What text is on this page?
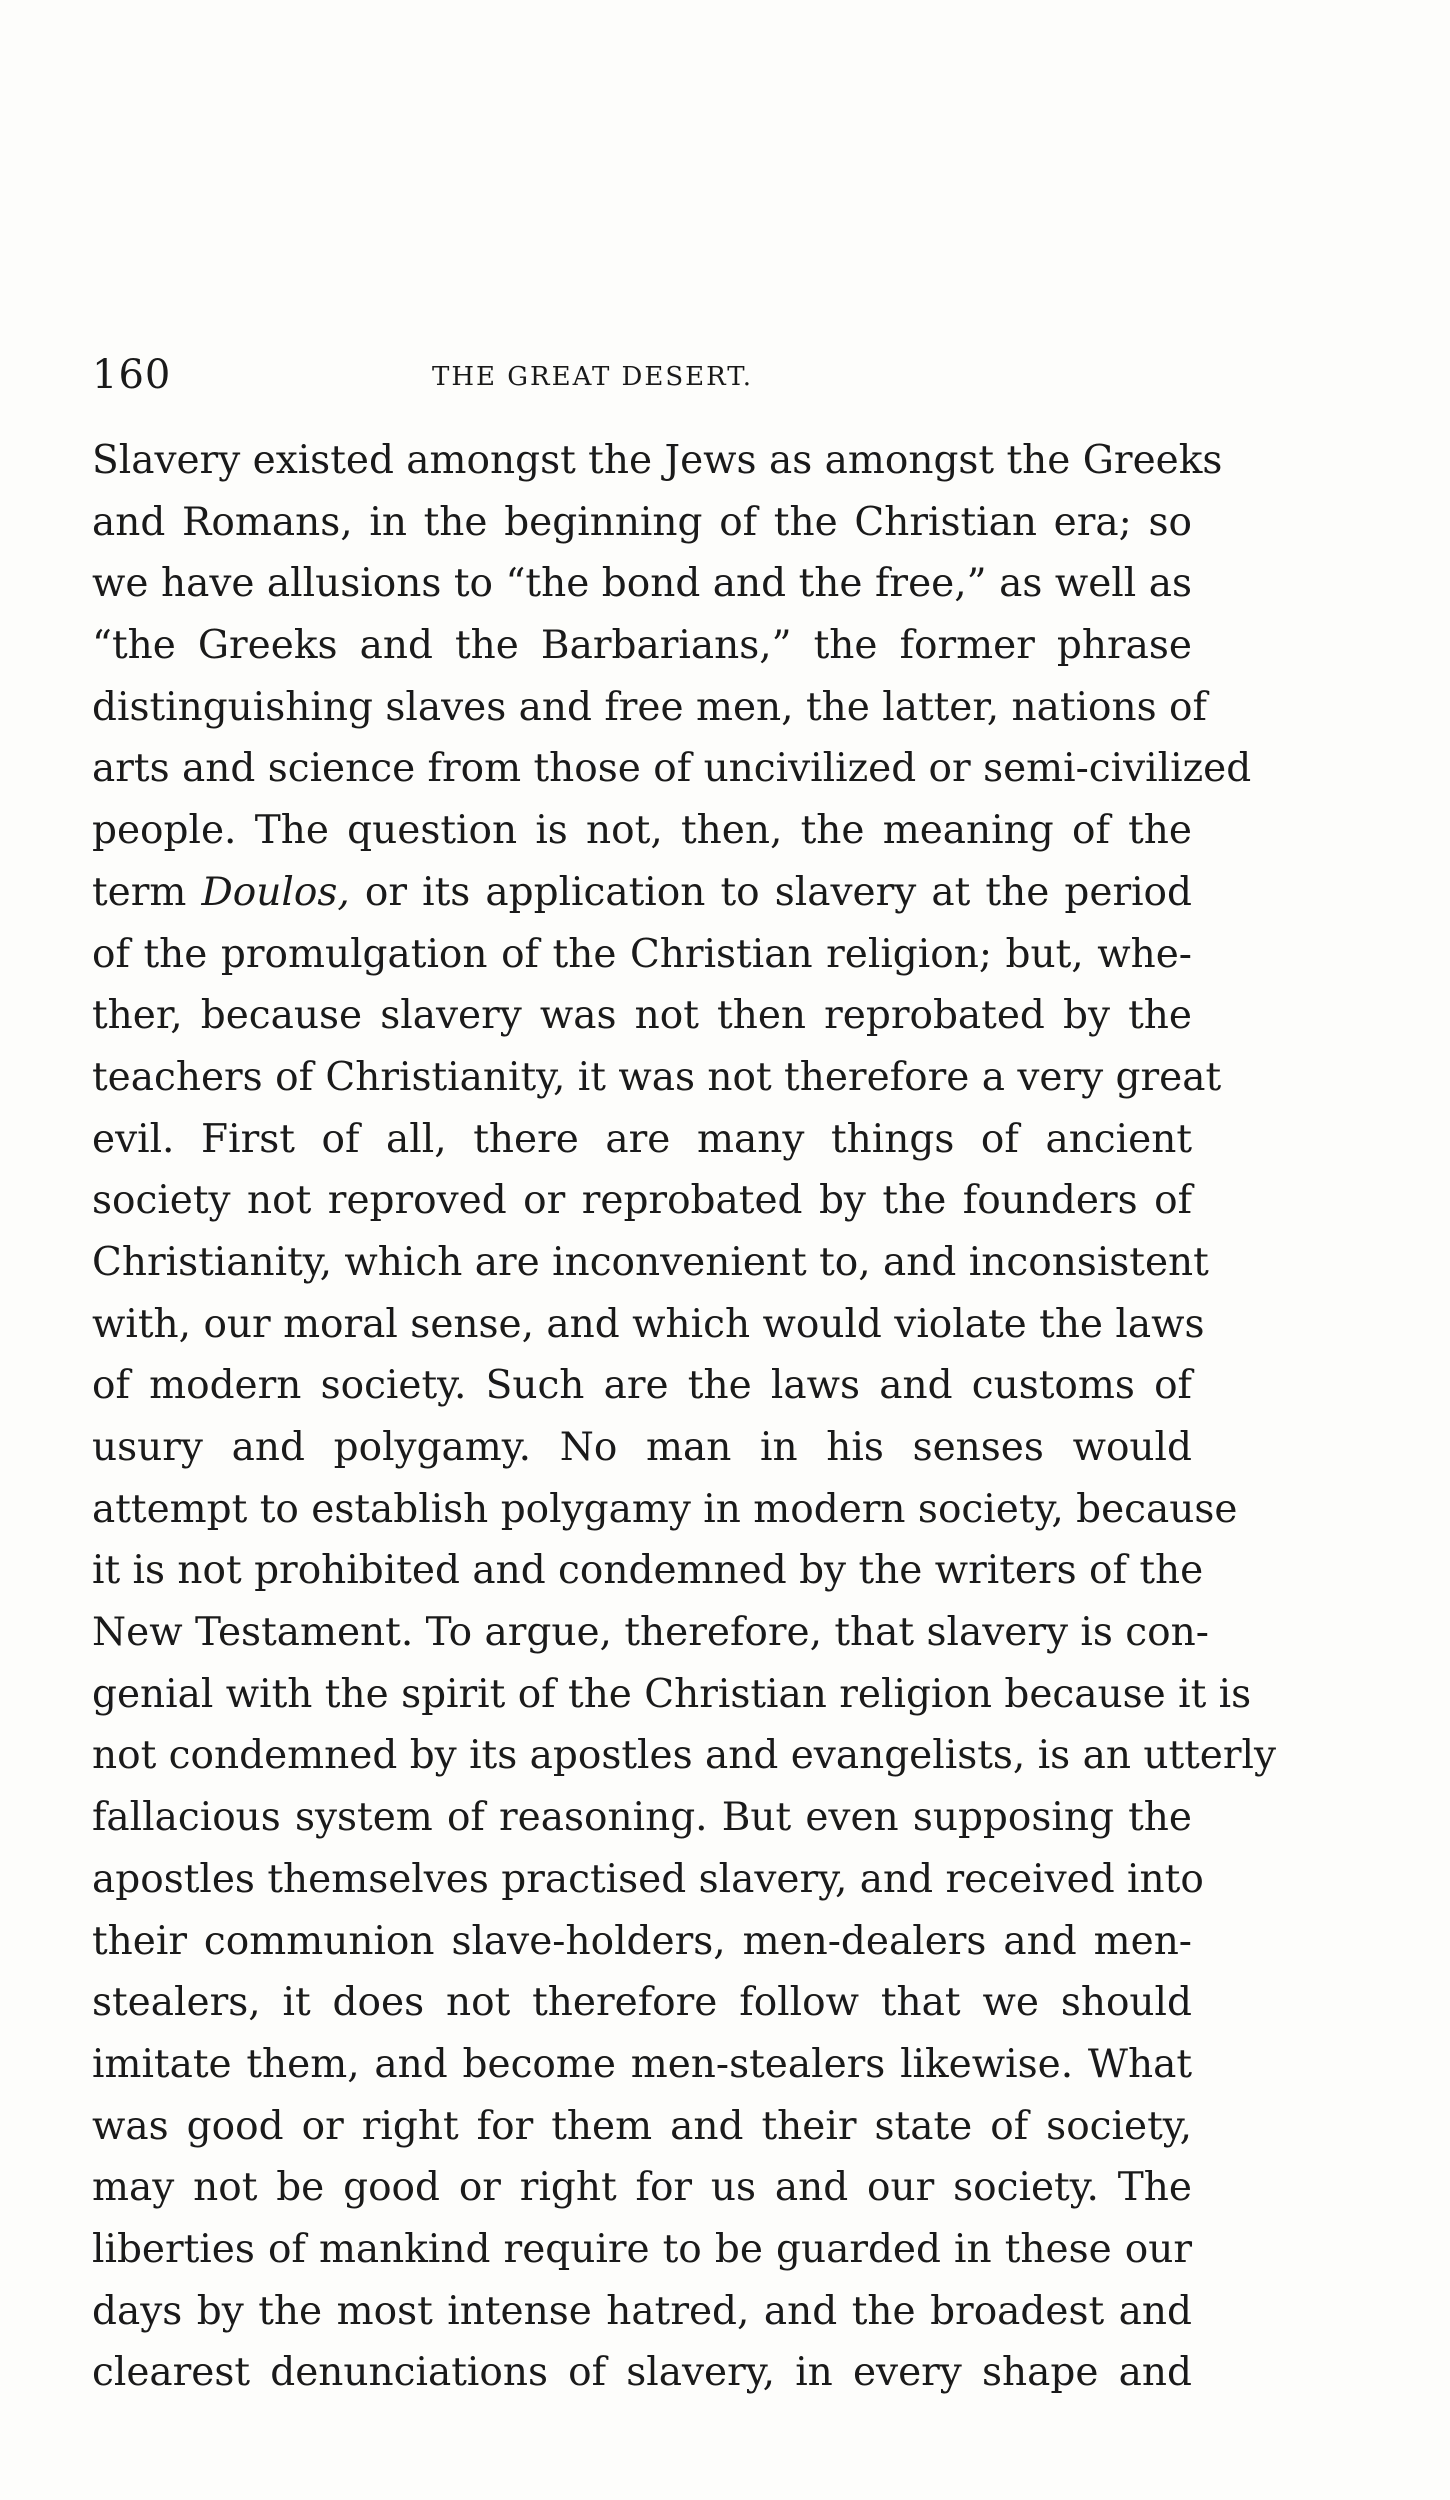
160	THE GREAT DESERT.
Slavery existed amongst the Jews as amongst the Greeks
and Romans, in the beginning of the Christian era; so
we have allusions to “the bond and the free,” as well as
“the Greeks and the Barbarians,” the former phrase
distinguishing slaves and free men, the latter, nations of
arts and science from those of uncivilized or semi-civilized
people. The question is not, then, the meaning of the
term Doulos, or its application to slavery at the period
of the promulgation of the Christian religion; but, whe-
ther, because slavery was not then reprobated by the
teachers of Christianity, it was not therefore a very great
evil. First of all, there are many things of ancient
society not reproved or reprobated by the founders of
Christianity, which are inconvenient to, and inconsistent
with, our moral sense, and which would violate the laws
of modern society. Such are the laws and customs of
usury and polygamy. No man in his senses would
attempt to establish polygamy in modern society, because
it is not prohibited and condemned by the writers of the
New Testament. To argue, therefore, that slavery is con-
genial with the spirit of the Christian religion because it is
not condemned by its apostles and evangelists, is an utterly
fallacious system of reasoning. But even supposing the
apostles themselves practised slavery, and received into
their communion slave-holders, men-dealers and men-
stealers, it does not therefore follow that we should
imitate them, and become men-stealers likewise. What
was good or right for them and their state of society,
may not be good or right for us and our society. The
liberties of mankind require to be guarded in these our
days by the most intense hatred, and the broadest and
clearest denunciations of slavery, in every shape and
